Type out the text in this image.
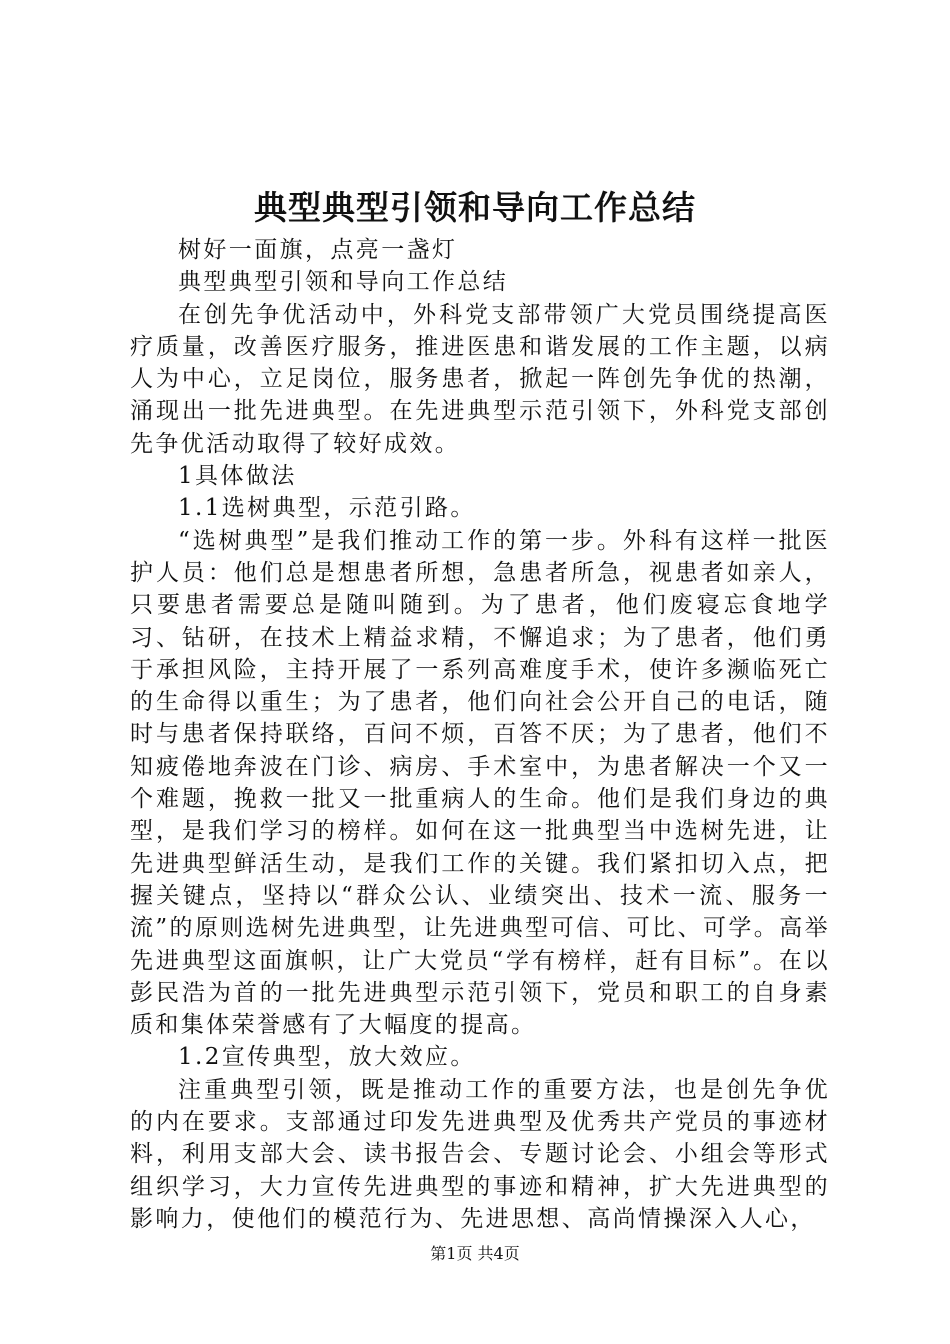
典型典型引领和导向工作总结

树好一面旗，点亮一盏灯

典型典型引领和导向工作总结

在创先争优活动中，外科党支部带领广大党员围绕提高医疗质量，改善医疗服务，推进医患和谐发展的工作主题，以病人为中心，立足岗位，服务患者，掀起一阵创先争优的热潮，涌现出一批先进典型。在先进典型示范引领下，外科党支部创先争优活动取得了较好成效。

1具体做法

1.1选树典型，示范引路。

“选树典型”是我们推动工作的第一步。外科有这样一批医护人员：他们总是想患者所想，急患者所急，视患者如亲人，只要患者需要总是随叫随到。为了患者，他们废寝忘食地学习、钻研，在技术上精益求精，不懈追求；为了患者，他们勇于承担风险，主持开展了一系列高难度手术，使许多濒临死亡的生命得以重生；为了患者，他们向社会公开自己的电话，随时与患者保持联络，百问不烦，百答不厌；为了患者，他们不知疲倦地奔波在门诊、病房、手术室中，为患者解决一个又一个难题，挽救一批又一批重病人的生命。他们是我们身边的典型，是我们学习的榜样。如何在这一批典型当中选树先进，让先进典型鲜活生动，是我们工作的关键。我们紧扣切入点，把握关键点，坚持以“群众公认、业绩突出、技术一流、服务一流”的原则选树先进典型，让先进典型可信、可比、可学。高举先进典型这面旗帜，让广大党员“学有榜样，赶有目标”。在以彭民浩为首的一批先进典型示范引领下，党员和职工的自身素质和集体荣誉感有了大幅度的提高。

1.2宣传典型，放大效应。

注重典型引领，既是推动工作的重要方法，也是创先争优的内在要求。支部通过印发先进典型及优秀共产党员的事迹材料，利用支部大会、读书报告会、专题讨论会、小组会等形式组织学习，大力宣传先进典型的事迹和精神，扩大先进典型的影响力，使他们的模范行为、先进思想、高尚情操深入人心，

第1页 共4页
